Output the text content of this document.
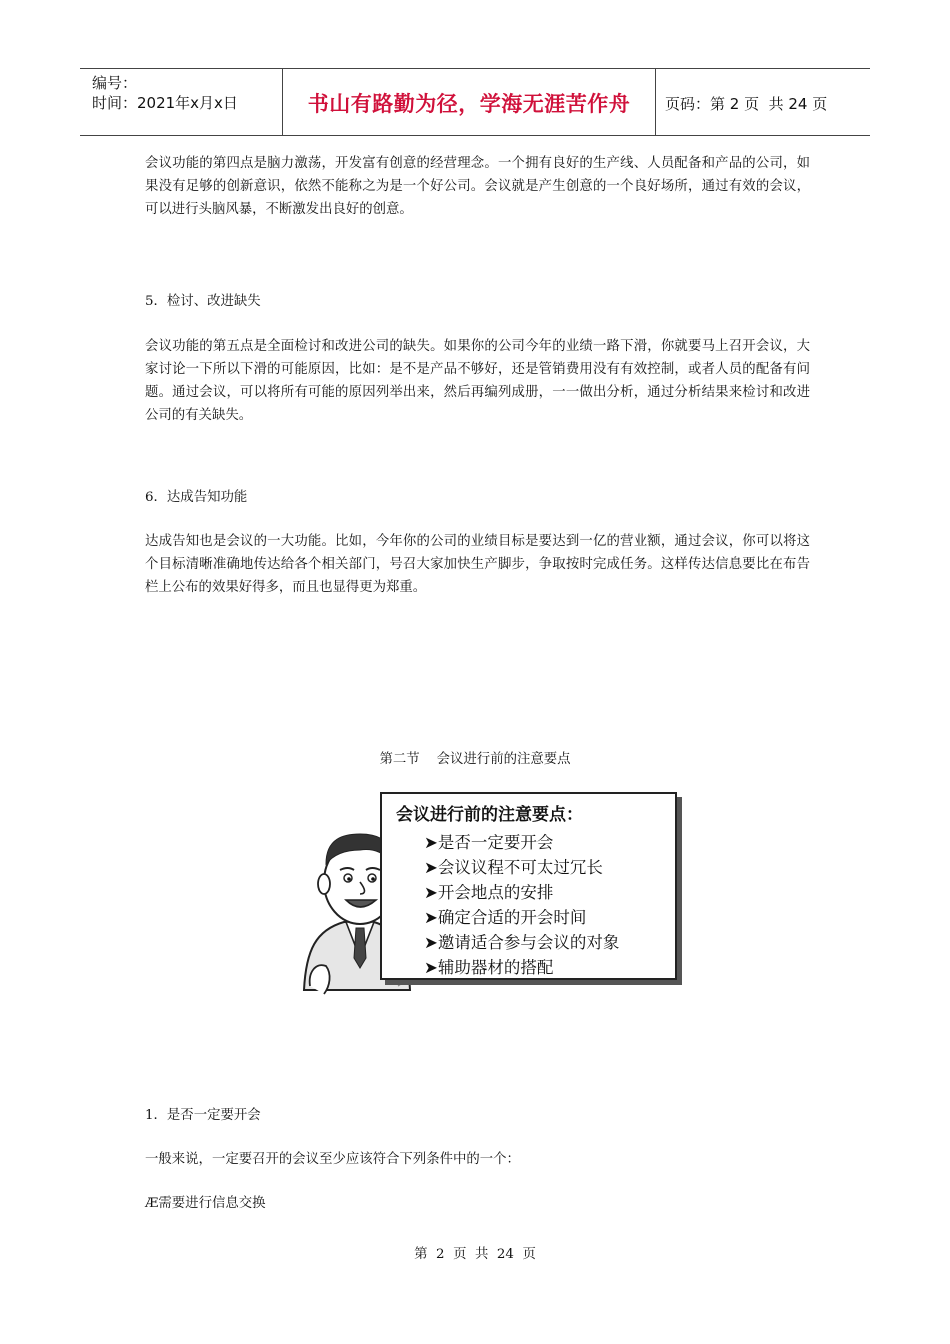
编号：
时间：2021年x月x日	书山有路勤为径，学海无涯苦作舟	页码：第 2 页  共 24 页

会议功能的第四点是脑力激荡，开发富有创意的经营理念。一个拥有良好的生产线、人员配备和产品的公司，如果没有足够的创新意识，依然不能称之为是一个好公司。会议就是产生创意的一个良好场所，通过有效的会议，可以进行头脑风暴，不断激发出良好的创意。

5．检讨、改进缺失

会议功能的第五点是全面检讨和改进公司的缺失。如果你的公司今年的业绩一路下滑，你就要马上召开会议，大家讨论一下所以下滑的可能原因，比如：是不是产品不够好，还是管销费用没有有效控制，或者人员的配备有问题。通过会议，可以将所有可能的原因列举出来，然后再编列成册，一一做出分析，通过分析结果来检讨和改进公司的有关缺失。

6．达成告知功能

达成告知也是会议的一大功能。比如，今年你的公司的业绩目标是要达到一亿的营业额，通过会议，你可以将这个目标清晰准确地传达给各个相关部门，号召大家加快生产脚步，争取按时完成任务。这样传达信息要比在布告栏上公布的效果好得多，而且也显得更为郑重。

第二节    会议进行前的注意要点

会议进行前的注意要点：
➤是否一定要开会
➤会议议程不可太过冗长
➤开会地点的安排
➤确定合适的开会时间
➤邀请适合参与会议的对象
➤辅助器材的搭配

1．是否一定要开会

一般来说，一定要召开的会议至少应该符合下列条件中的一个：

Æ需要进行信息交换

第  2  页  共  24  页
